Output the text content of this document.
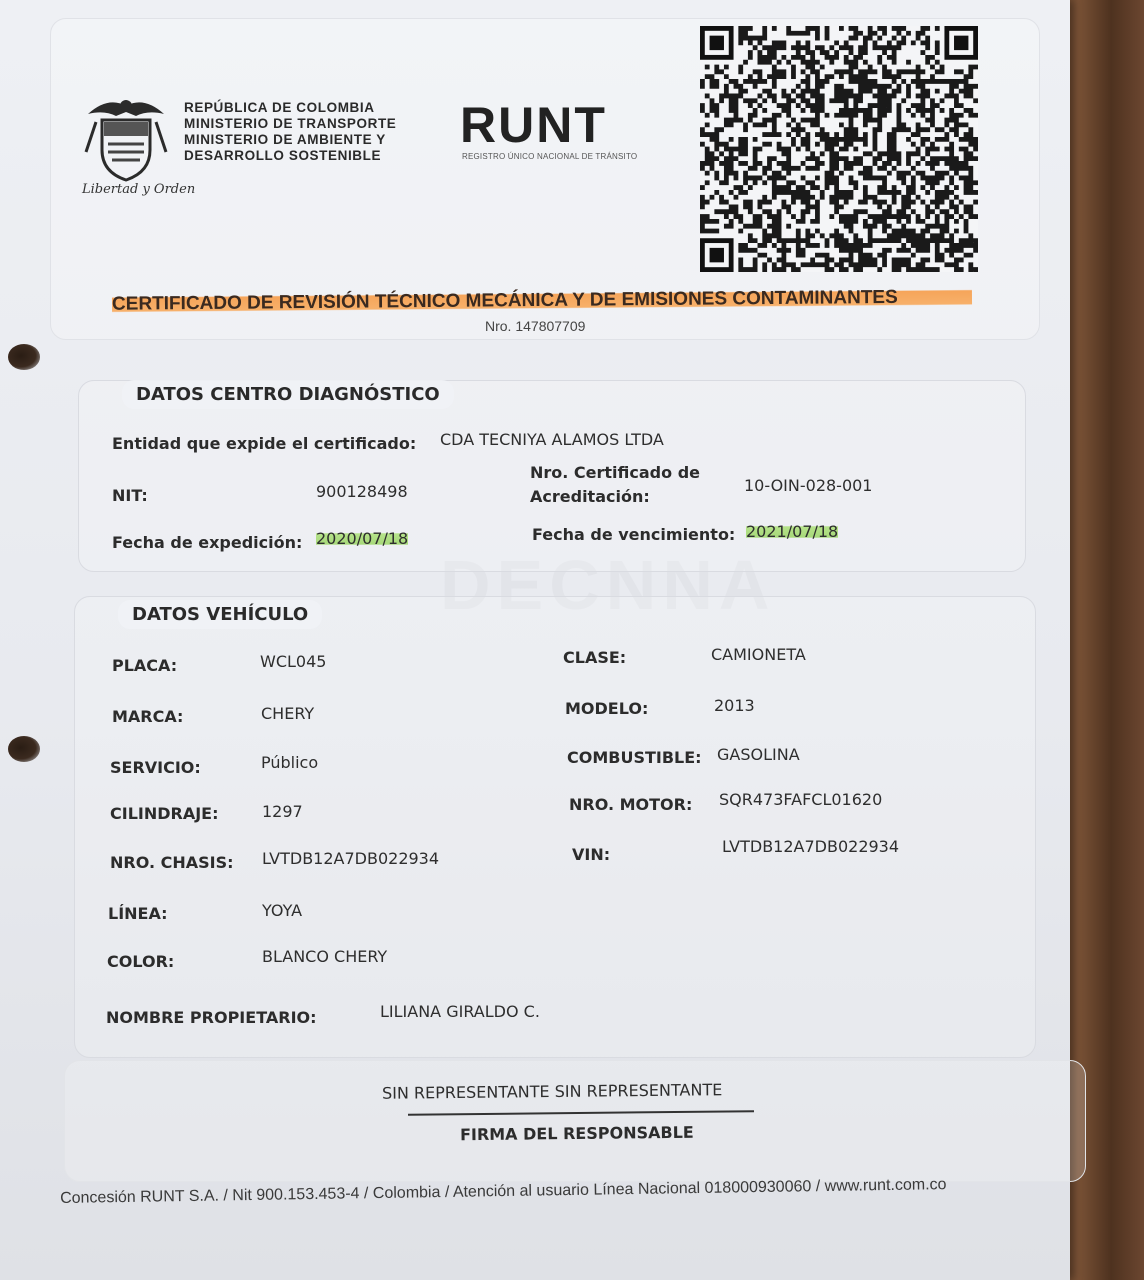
Libertad y Orden
REPÚBLICA DE COLOMBIA
MINISTERIO DE TRANSPORTE
MINISTERIO DE AMBIENTE Y
DESARROLLO SOSTENIBLE
RUNT
REGISTRO ÚNICO NACIONAL DE TRÁNSITO
CERTIFICADO DE REVISIÓN TÉCNICO MECÁNICA Y DE EMISIONES CONTAMINANTES
Nro. 147807709
DECNNA
DATOS CENTRO DIAGNÓSTICO
Entidad que expide el certificado: CDA TECNIYA ALAMOS LTDA
NIT:	900128498
Nro. Certificado de
Acreditación:
10-OIN-028-001
Fecha de expedición: 2020/07/18	Fecha de vencimiento: 2021/07/18
DATOS VEHÍCULO
PLACA:	WCL045	CLASE:	CAMIONETA
MARCA:	CHERY	MODELO:	2013
SERVICIO:	Público	COMBUSTIBLE: GASOLINA
CILINDRAJE:	1297	NRO. MOTOR: SQR473FAFCL01620
NRO. CHASIS: LVTDB12A7DB022934	VIN:	LVTDB12A7DB022934
LÍNEA:	YOYA
COLOR:	BLANCO CHERY
NOMBRE PROPIETARIO:	LILIANA GIRALDO C.
SIN REPRESENTANTE SIN REPRESENTANTE
FIRMA DEL RESPONSABLE
Concesión RUNT S.A. / Nit 900.153.453-4 / Colombia / Atención al usuario Línea Nacional 018000930060 / www.runt.com.co
